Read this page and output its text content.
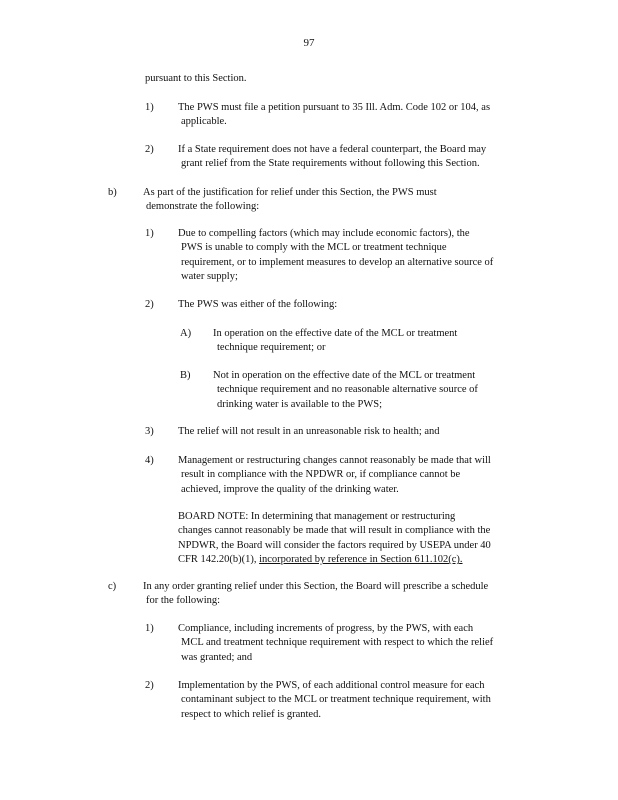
97
pursuant to this Section.
1) The PWS must file a petition pursuant to 35 Ill. Adm. Code 102 or 104, as
applicable.
2) If a State requirement does not have a federal counterpart, the Board may
grant relief from the State requirements without following this Section.
b)	As part of the justification for relief under this Section, the PWS must
demonstrate the following:
1) Due to compelling factors (which may include economic factors), the
PWS is unable to comply with the MCL or treatment technique
requirement, or to implement measures to develop an alternative source of
water supply;
2) The PWS was either of the following:
A) In operation on the effective date of the MCL or treatment
technique requirement; or
B) Not in operation on the effective date of the MCL or treatment
technique requirement and no reasonable alternative source of
drinking water is available to the PWS;
3) The relief will not result in an unreasonable risk to health; and
4) Management or restructuring changes cannot reasonably be made that will
result in compliance with the NPDWR or, if compliance cannot be
achieved, improve the quality of the drinking water.
BOARD NOTE: In determining that management or restructuring
changes cannot reasonably be made that will result in compliance with the
NPDWR, the Board will consider the factors required by USEPA under 40
CFR 142.20(b)(1), incorporated by reference in Section 611.102(c).
c)	In any order granting relief under this Section, the Board will prescribe a schedule
for the following:
1) Compliance, including increments of progress, by the PWS, with each
MCL and treatment technique requirement with respect to which the relief
was granted; and
2) Implementation by the PWS, of each additional control measure for each
contaminant subject to the MCL or treatment technique requirement, with
respect to which relief is granted.
